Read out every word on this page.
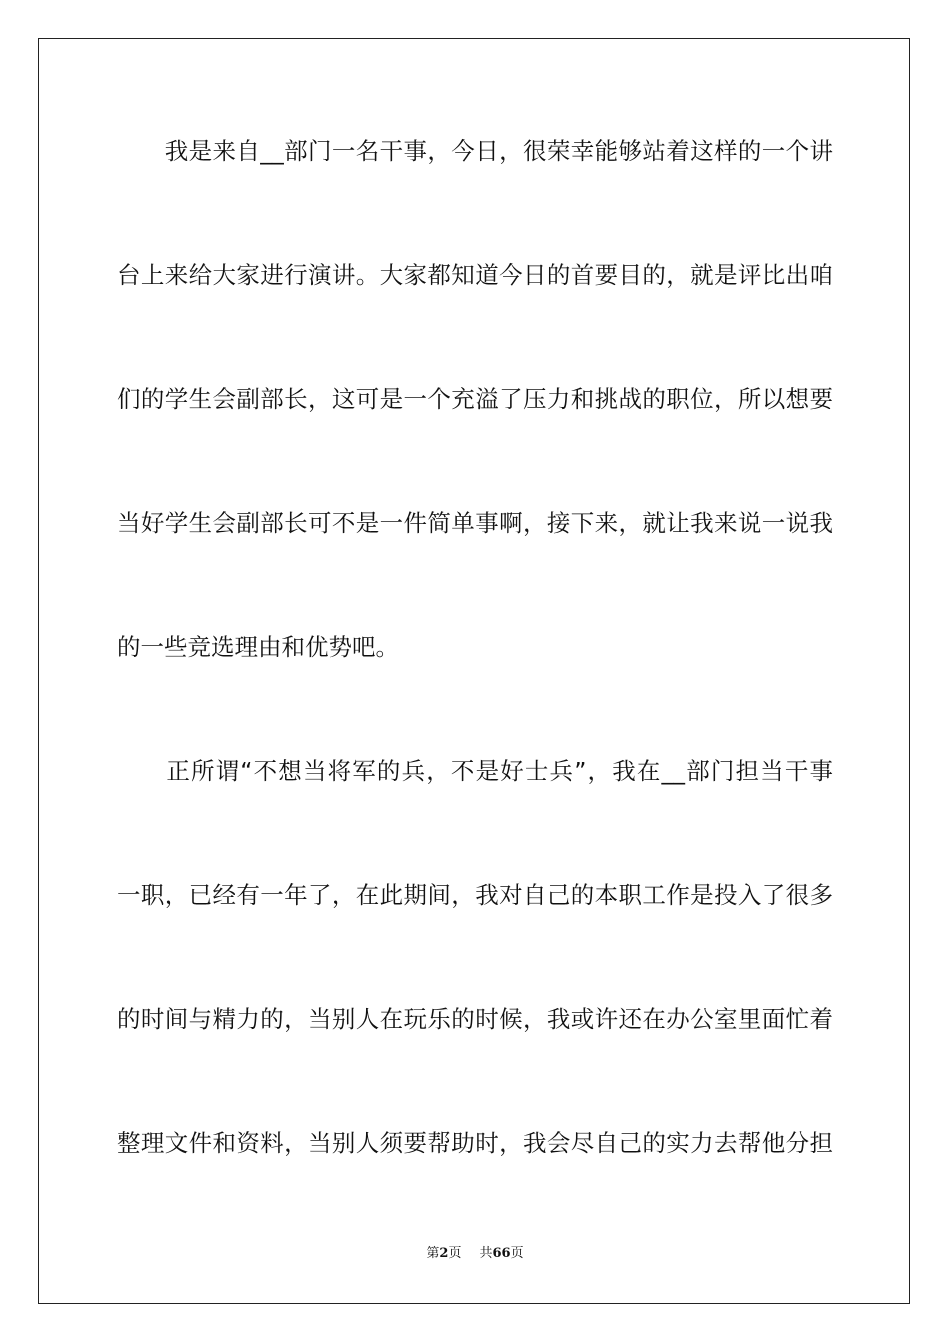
　　我是来自__部门一名干事，今日，很荣幸能够站着这样的一个讲
台上来给大家进行演讲。大家都知道今日的首要目的，就是评比出咱
们的学生会副部长，这可是一个充溢了压力和挑战的职位，所以想要
当好学生会副部长可不是一件简单事啊，接下来，就让我来说一说我
的一些竞选理由和优势吧。
　　正所谓“不想当将军的兵，不是好士兵”，我在__部门担当干事
一职，已经有一年了，在此期间，我对自己的本职工作是投入了很多
的时间与精力的，当别人在玩乐的时候，我或许还在办公室里面忙着
整理文件和资料，当别人须要帮助时，我会尽自己的实力去帮他分担
第2页 共66页
